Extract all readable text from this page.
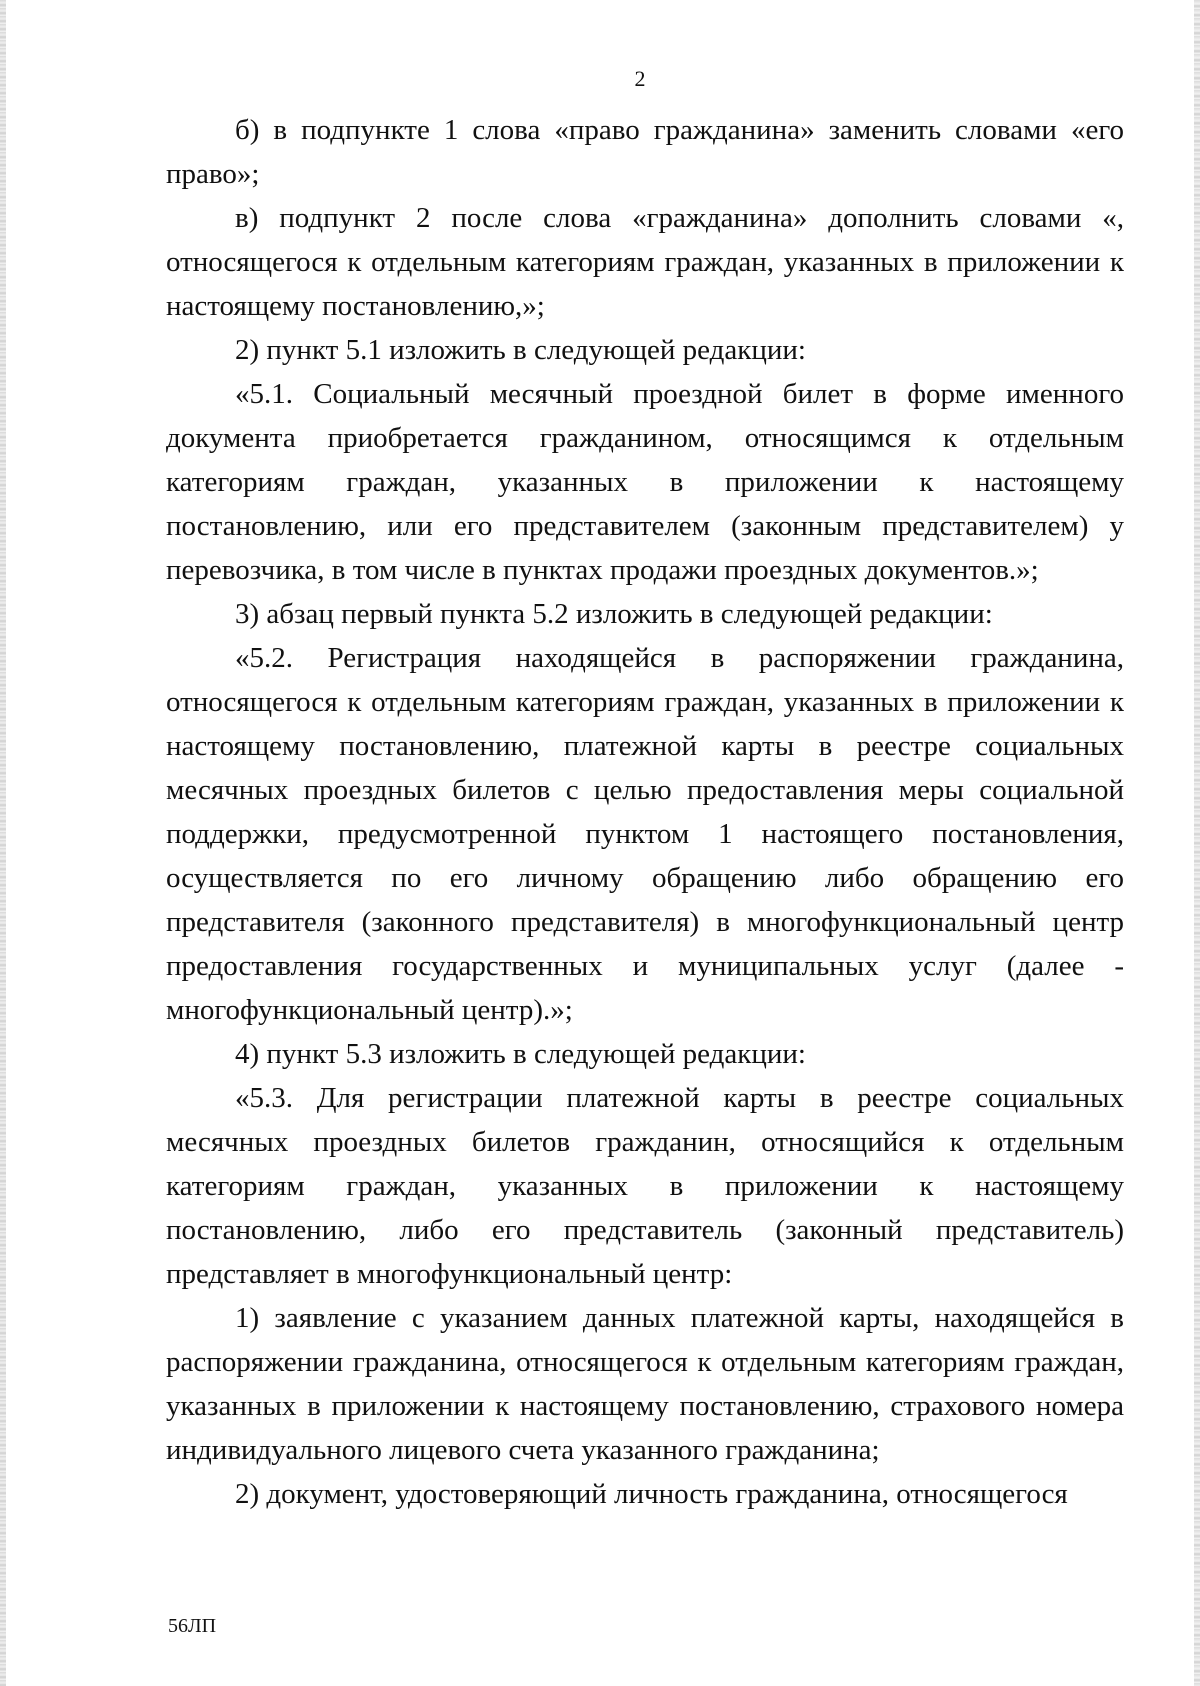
2

б) в подпункте 1 слова «право гражданина» заменить словами «его право»;

в) подпункт 2 после слова «гражданина» дополнить словами «, относящегося к отдельным категориям граждан, указанных в приложении к настоящему постановлению,»;

2) пункт 5.1 изложить в следующей редакции:

«5.1. Социальный месячный проездной билет в форме именного документа приобретается гражданином, относящимся к отдельным категориям граждан, указанных в приложении к настоящему постановлению, или его представителем (законным представителем) у перевозчика, в том числе в пунктах продажи проездных документов.»;

3) абзац первый пункта 5.2 изложить в следующей редакции:

«5.2. Регистрация находящейся в распоряжении гражданина, относящегося к отдельным категориям граждан, указанных в приложении к настоящему постановлению, платежной карты в реестре социальных месячных проездных билетов с целью предоставления меры социальной поддержки, предусмотренной пунктом 1 настоящего постановления, осуществляется по его личному обращению либо обращению его представителя (законного представителя) в многофункциональный центр предоставления государственных и муниципальных услуг (далее - многофункциональный центр).»;

4) пункт 5.3 изложить в следующей редакции:

«5.3. Для регистрации платежной карты в реестре социальных месячных проездных билетов гражданин, относящийся к отдельным категориям граждан, указанных в приложении к настоящему постановлению, либо его представитель (законный представитель) представляет в многофункциональный центр:

1) заявление с указанием данных платежной карты, находящейся в распоряжении гражданина, относящегося к отдельным категориям граждан, указанных в приложении к настоящему постановлению, страхового номера индивидуального лицевого счета указанного гражданина;

2) документ, удостоверяющий личность гражданина, относящегося

56ЛП
